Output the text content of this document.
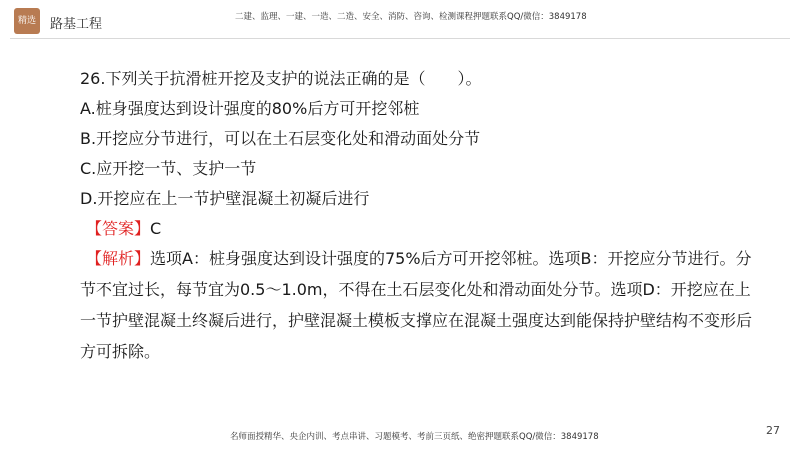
精选	路基工程	二建、监理、一建、一造、二造、安全、消防、咨询、检测课程押题联系QQ/微信：3849178
26.下列关于抗滑桩开挖及支护的说法正确的是（　　）。
A.桩身强度达到设计强度的80%后方可开挖邻桩
B.开挖应分节进行，可以在土石层变化处和滑动面处分节
C.应开挖一节、支护一节
D.开挖应在上一节护壁混凝土初凝后进行
【答案】C
【解析】选项A：桩身强度达到设计强度的75%后方可开挖邻桩。选项B：开挖应分节进行。分节不宜过长，每节宜为0.5～1.0m，不得在土石层变化处和滑动面处分节。选项D：开挖应在上一节护壁混凝土终凝后进行，护壁混凝土模板支撑应在混凝土强度达到能保持护壁结构不变形后方可拆除。
27
名师面授精华、央企内训、考点串讲、习题模考、考前三页纸、绝密押题联系QQ/微信：3849178
